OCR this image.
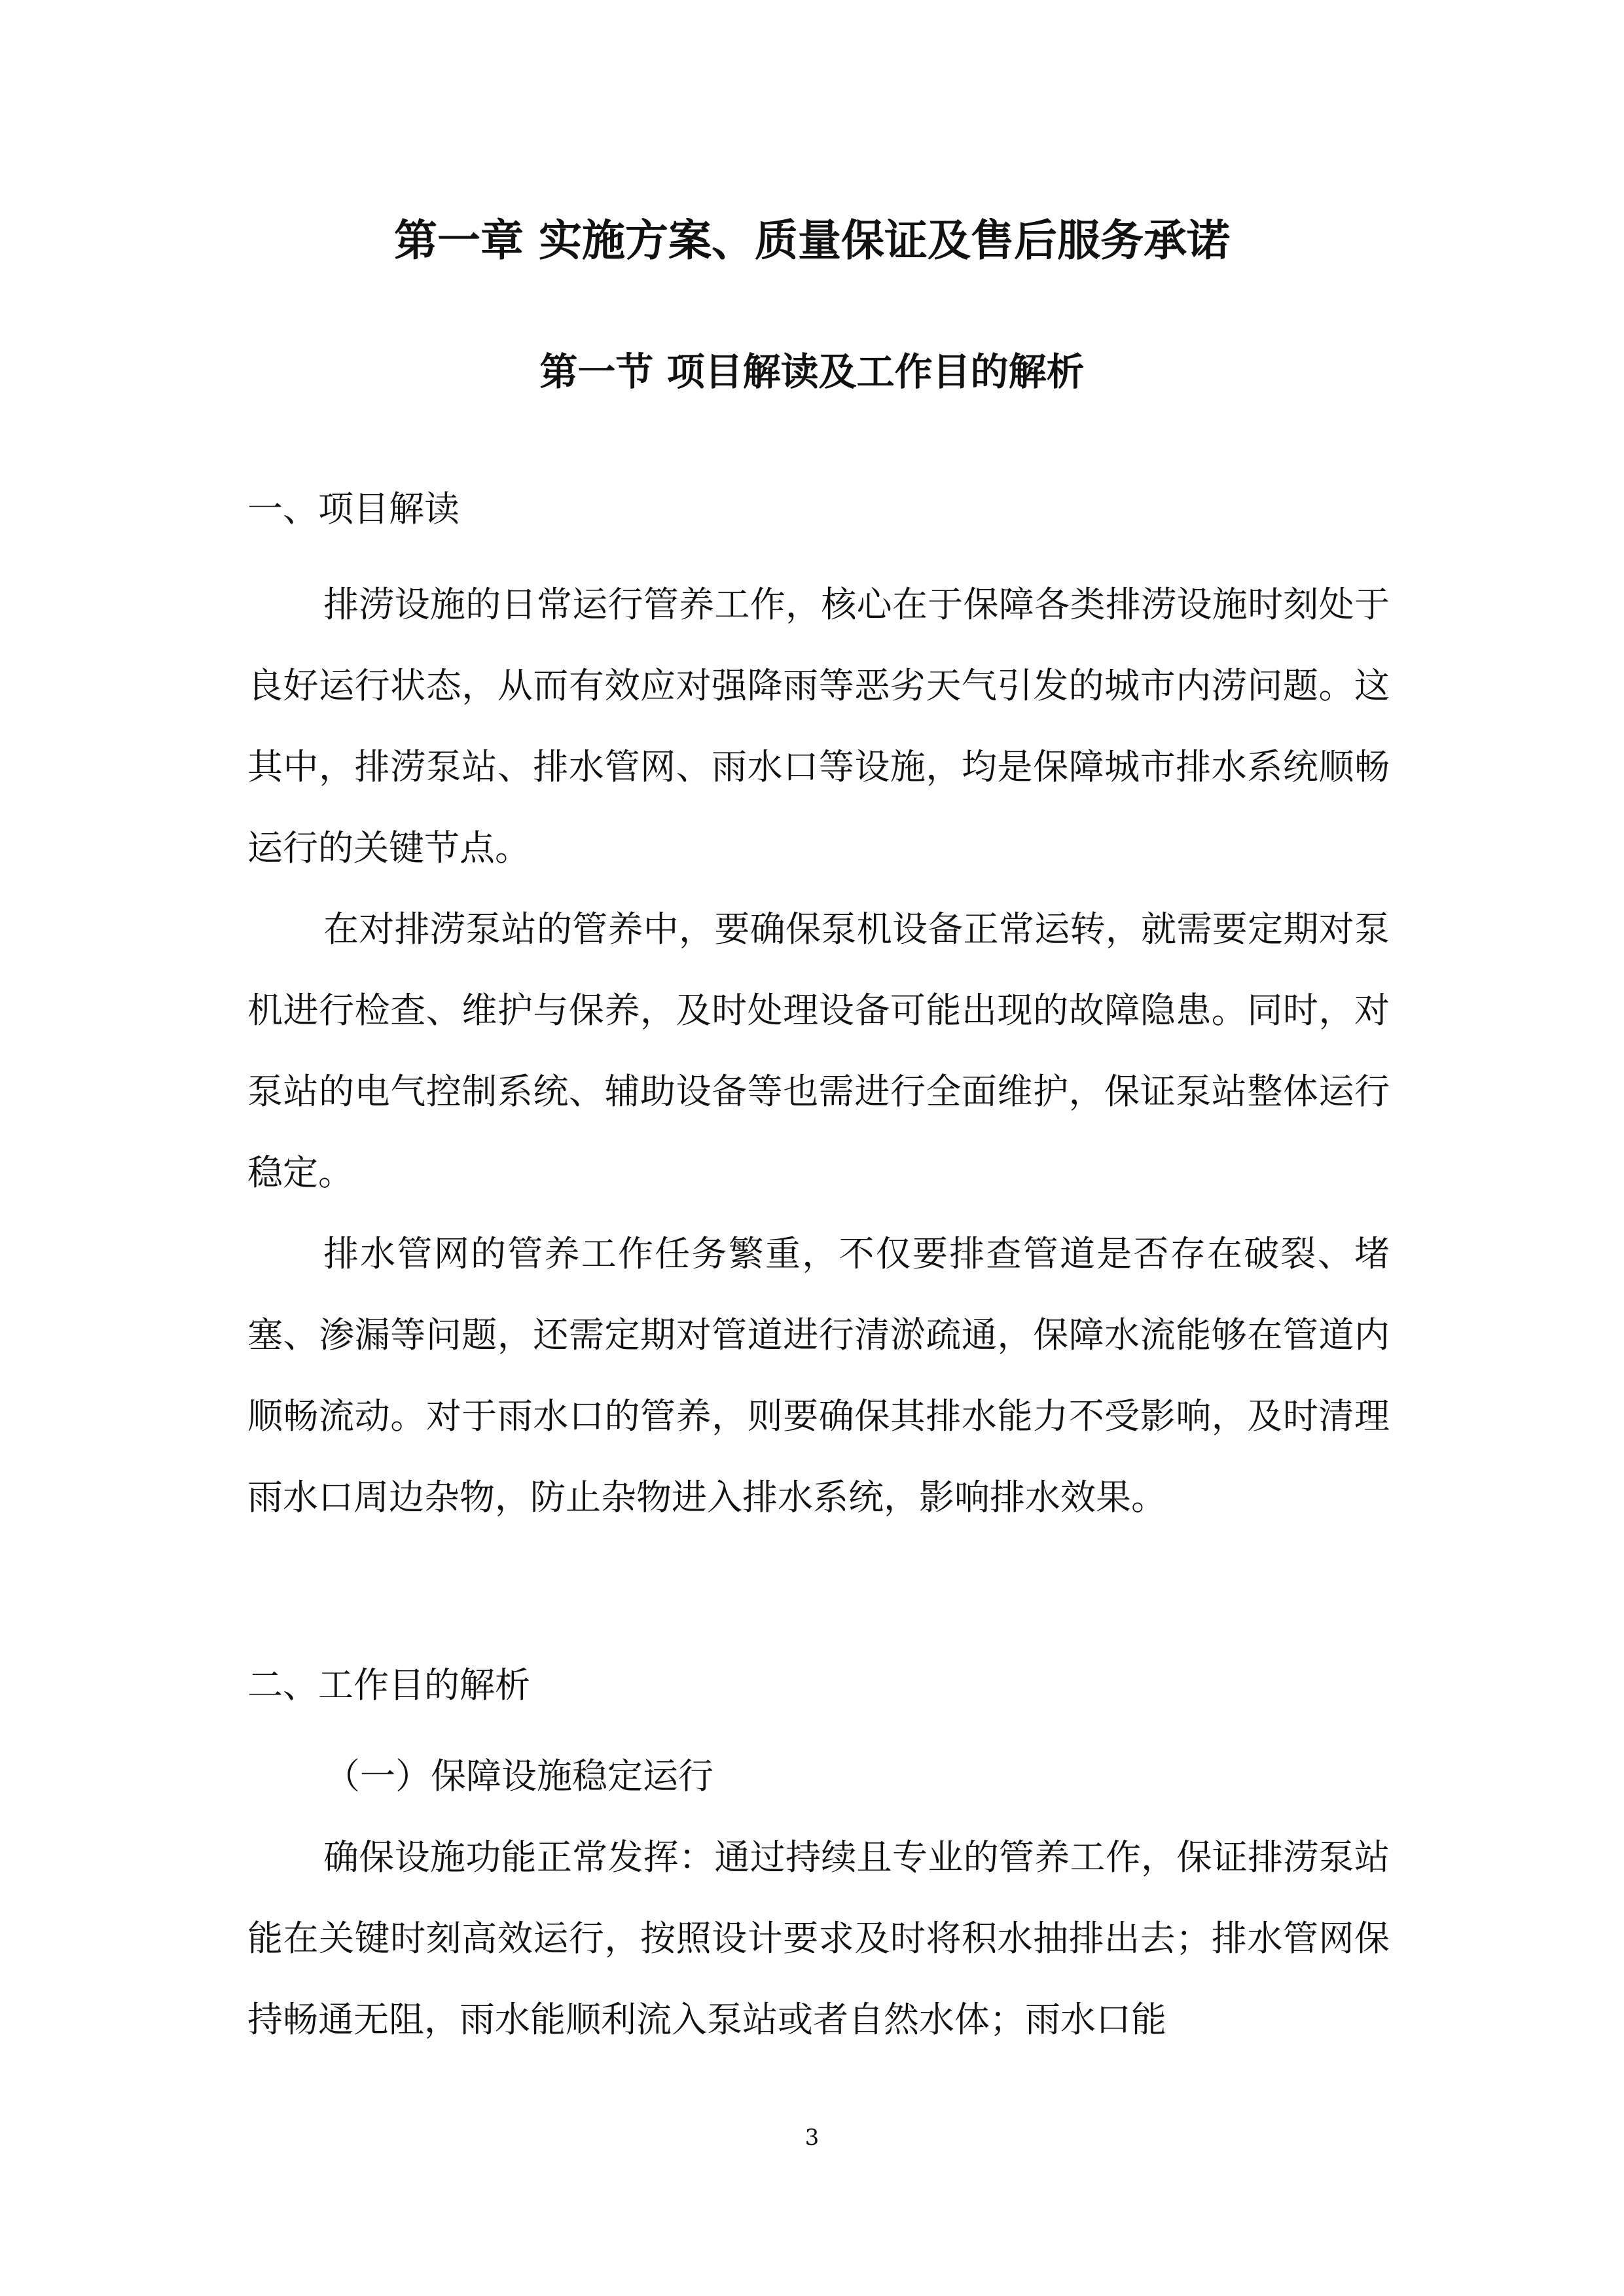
第一章 实施方案、质量保证及售后服务承诺
第一节 项目解读及工作目的解析
一、项目解读

排涝设施的日常运行管养工作，核心在于保障各类排涝设施时刻处于良好运行状态，从而有效应对强降雨等恶劣天气引发的城市内涝问题。这其中，排涝泵站、排水管网、雨水口等设施，均是保障城市排水系统顺畅运行的关键节点。

在对排涝泵站的管养中，要确保泵机设备正常运转，就需要定期对泵机进行检查、维护与保养，及时处理设备可能出现的故障隐患。同时，对泵站的电气控制系统、辅助设备等也需进行全面维护，保证泵站整体运行稳定。

排水管网的管养工作任务繁重，不仅要排查管道是否存在破裂、堵塞、渗漏等问题，还需定期对管道进行清淤疏通，保障水流能够在管道内顺畅流动。对于雨水口的管养，则要确保其排水能力不受影响，及时清理雨水口周边杂物，防止杂物进入排水系统，影响排水效果。

二、工作目的解析
（一）保障设施稳定运行

确保设施功能正常发挥：通过持续且专业的管养工作，保证排涝泵站能在关键时刻高效运行，按照设计要求及时将积水抽排出去；排水管网保持畅通无阻，雨水能顺利流入泵站或者自然水体；雨水口能

3
